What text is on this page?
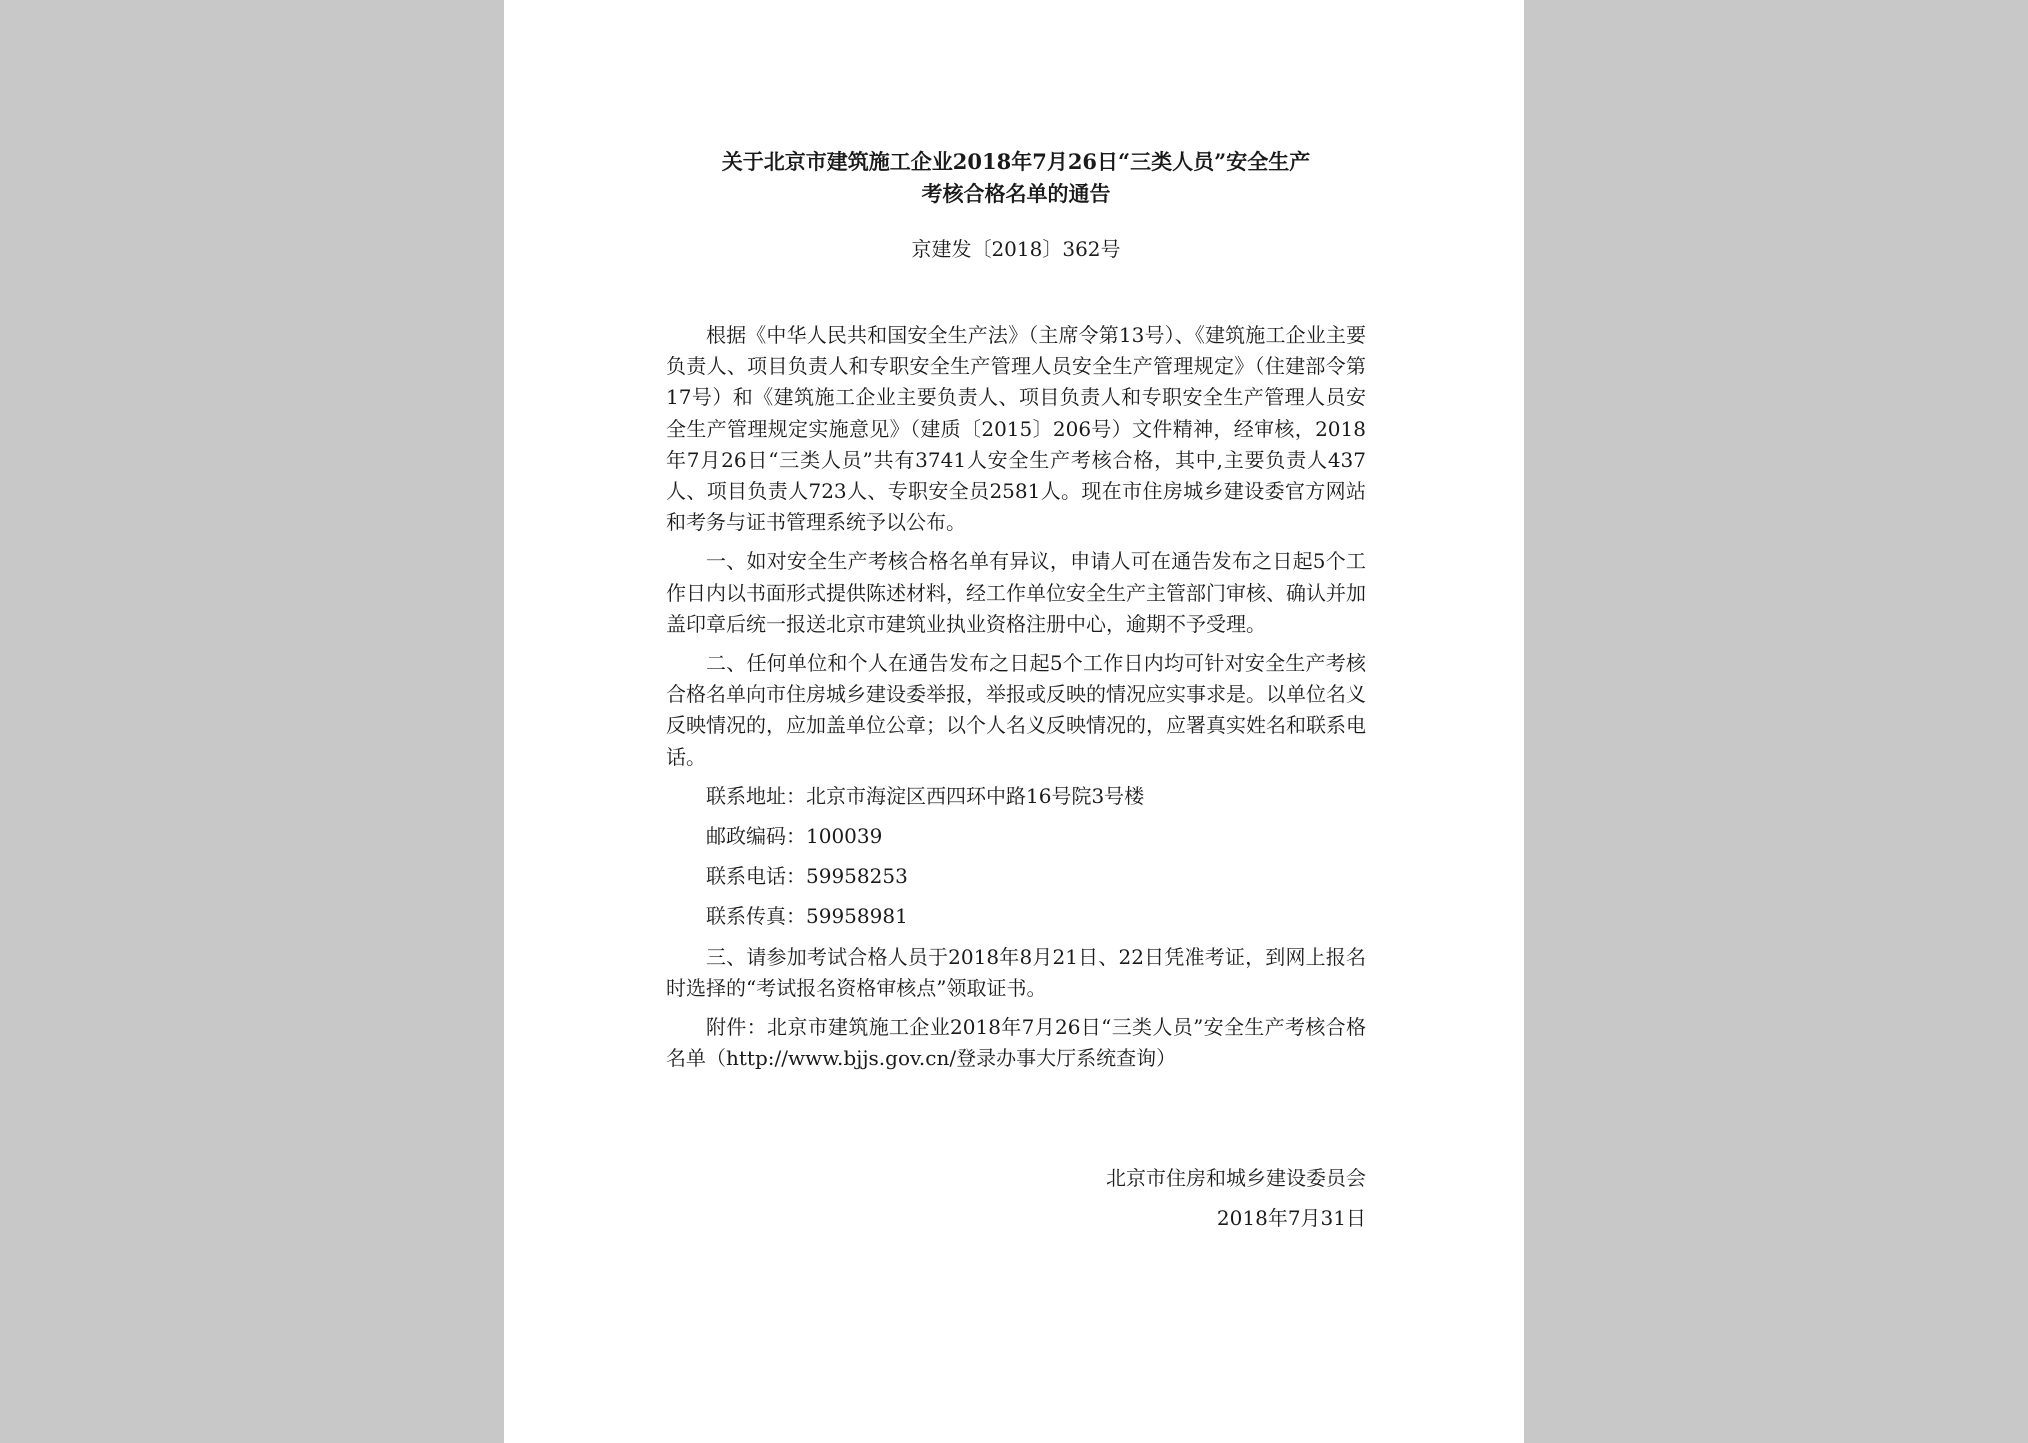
关于北京市建筑施工企业2018年7月26日“三类人员”安全生产
考核合格名单的通告
京建发〔2018〕362号

根据《中华人民共和国安全生产法》（主席令第13号）、《建筑施工企业主要负责人、项目负责人和专职安全生产管理人员安全生产管理规定》（住建部令第17号）和《建筑施工企业主要负责人、项目负责人和专职安全生产管理人员安全生产管理规定实施意见》（建质〔2015〕206号）文件精神，经审核，2018年7月26日“三类人员”共有3741人安全生产考核合格，其中,主要负责人437人、项目负责人723人、专职安全员2581人。现在市住房城乡建设委官方网站和考务与证书管理系统予以公布。

一、如对安全生产考核合格名单有异议，申请人可在通告发布之日起5个工作日内以书面形式提供陈述材料，经工作单位安全生产主管部门审核、确认并加盖印章后统一报送北京市建筑业执业资格注册中心，逾期不予受理。

二、任何单位和个人在通告发布之日起5个工作日内均可针对安全生产考核合格名单向市住房城乡建设委举报，举报或反映的情况应实事求是。以单位名义反映情况的，应加盖单位公章；以个人名义反映情况的，应署真实姓名和联系电话。

联系地址：北京市海淀区西四环中路16号院3号楼

邮政编码：100039

联系电话：59958253

联系传真：59958981

三、请参加考试合格人员于2018年8月21日、22日凭准考证，到网上报名时选择的“考试报名资格审核点”领取证书。

附件：北京市建筑施工企业2018年7月26日“三类人员”安全生产考核合格名单（http://www.bjjs.gov.cn/登录办事大厅系统查询）

北京市住房和城乡建设委员会
2018年7月31日
